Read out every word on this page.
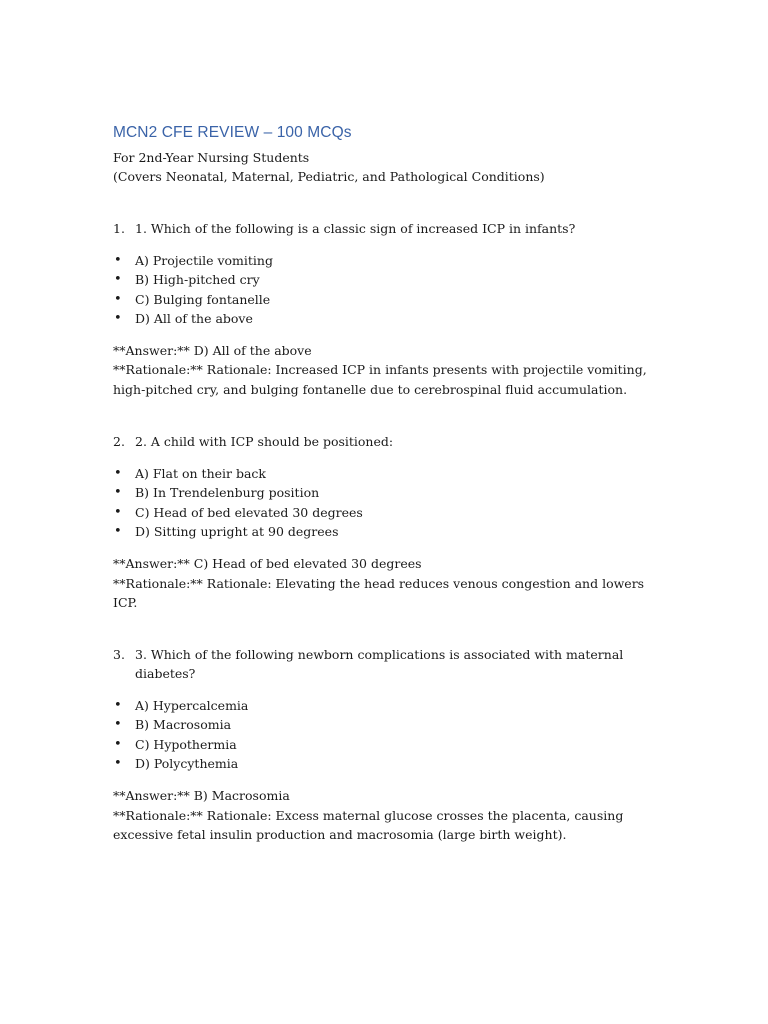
MCN2 CFE REVIEW – 100 MCQs

For 2nd-Year Nursing Students

(Covers Neonatal, Maternal, Pediatric, and Pathological Conditions)

1. 1. Which of the following is a classic sign of increased ICP in infants?
• A) Projectile vomiting
• B) High-pitched cry
• C) Bulging fontanelle
• D) All of the above

**Answer:** D) All of the above

**Rationale:** Rationale: Increased ICP in infants presents with projectile vomiting, high-pitched cry, and bulging fontanelle due to cerebrospinal fluid accumulation.

2. 2. A child with ICP should be positioned:
• A) Flat on their back
• B) In Trendelenburg position
• C) Head of bed elevated 30 degrees
• D) Sitting upright at 90 degrees

**Answer:** C) Head of bed elevated 30 degrees

**Rationale:** Rationale: Elevating the head reduces venous congestion and lowers ICP.

3. 3. Which of the following newborn complications is associated with maternal diabetes?
• A) Hypercalcemia
• B) Macrosomia
• C) Hypothermia
• D) Polycythemia

**Answer:** B) Macrosomia

**Rationale:** Rationale: Excess maternal glucose crosses the placenta, causing excessive fetal insulin production and macrosomia (large birth weight).
